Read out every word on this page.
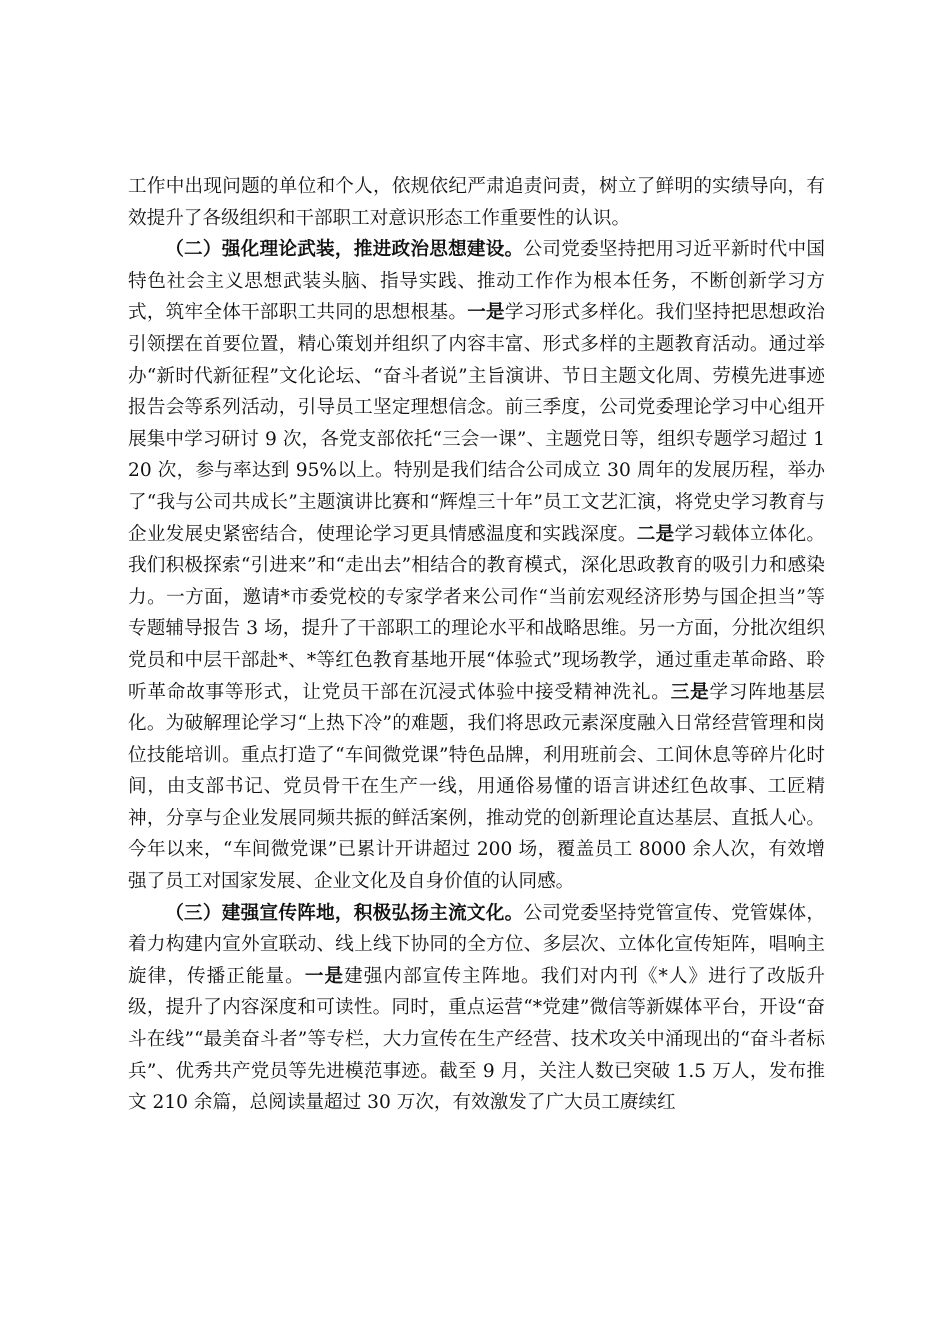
工作中出现问题的单位和个人，依规依纪严肃追责问责，树立了鲜明的实绩导向，有效提升了各级组织和干部职工对意识形态工作重要性的认识。

（二）强化理论武装，推进政治思想建设。公司党委坚持把用习近平新时代中国特色社会主义思想武装头脑、指导实践、推动工作作为根本任务，不断创新学习方式，筑牢全体干部职工共同的思想根基。一是学习形式多样化。我们坚持把思想政治引领摆在首要位置，精心策划并组织了内容丰富、形式多样的主题教育活动。通过举办“新时代新征程”文化论坛、“奋斗者说”主旨演讲、节日主题文化周、劳模先进事迹报告会等系列活动，引导员工坚定理想信念。前三季度，公司党委理论学习中心组开展集中学习研讨 9 次，各党支部依托“三会一课”、主题党日等，组织专题学习超过 120 次，参与率达到 95%以上。特别是我们结合公司成立 30 周年的发展历程，举办了“我与公司共成长”主题演讲比赛和“辉煌三十年”员工文艺汇演，将党史学习教育与企业发展史紧密结合，使理论学习更具情感温度和实践深度。二是学习载体立体化。我们积极探索“引进来”和“走出去”相结合的教育模式，深化思政教育的吸引力和感染力。一方面，邀请*市委党校的专家学者来公司作“当前宏观经济形势与国企担当”等专题辅导报告 3 场，提升了干部职工的理论水平和战略思维。另一方面，分批次组织党员和中层干部赴*、*等红色教育基地开展“体验式”现场教学，通过重走革命路、聆听革命故事等形式，让党员干部在沉浸式体验中接受精神洗礼。三是学习阵地基层化。为破解理论学习“上热下冷”的难题，我们将思政元素深度融入日常经营管理和岗位技能培训。重点打造了“车间微党课”特色品牌，利用班前会、工间休息等碎片化时间，由支部书记、党员骨干在生产一线，用通俗易懂的语言讲述红色故事、工匠精神，分享与企业发展同频共振的鲜活案例，推动党的创新理论直达基层、直抵人心。今年以来，“车间微党课”已累计开讲超过 200 场，覆盖员工 8000 余人次，有效增强了员工对国家发展、企业文化及自身价值的认同感。

（三）建强宣传阵地，积极弘扬主流文化。公司党委坚持党管宣传、党管媒体，着力构建内宣外宣联动、线上线下协同的全方位、多层次、立体化宣传矩阵，唱响主旋律，传播正能量。一是建强内部宣传主阵地。我们对内刊《*人》进行了改版升级，提升了内容深度和可读性。同时，重点运营“*党建”微信等新媒体平台，开设“奋斗在线”“最美奋斗者”等专栏，大力宣传在生产经营、技术攻关中涌现出的“奋斗者标兵”、优秀共产党员等先进模范事迹。截至 9 月，关注人数已突破 1.5 万人，发布推文 210 余篇，总阅读量超过 30 万次，有效激发了广大员工赓续红
